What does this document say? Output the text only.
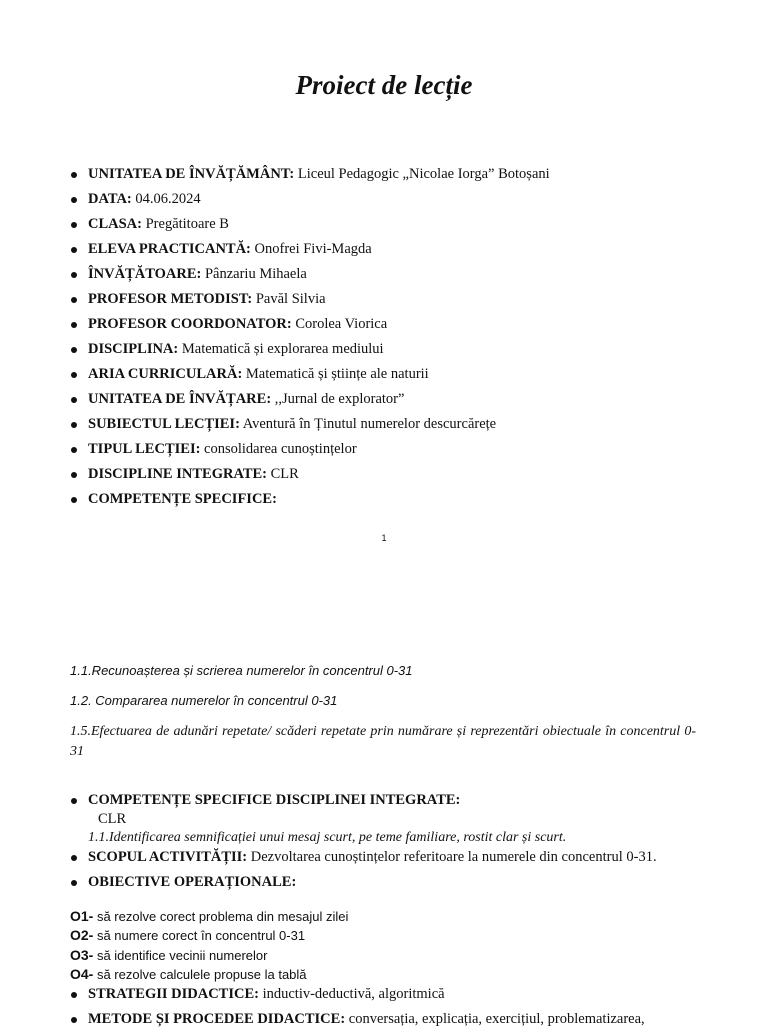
Proiect de lecție
UNITATEA DE ÎNVĂȚĂMÂNT: Liceul Pedagogic „Nicolae Iorga” Botoșani
DATA: 04.06.2024
CLASA: Pregătitoare B
ELEVA PRACTICANTĂ: Onofrei Fivi-Magda
ÎNVĂȚĂTOARE: Pânzariu Mihaela
PROFESOR METODIST: Pavăl Silvia
PROFESOR COORDONATOR: Corolea Viorica
DISCIPLINA: Matematică și explorarea mediului
ARIA CURRICULARĂ: Matematică și științe ale naturii
UNITATEA DE ÎNVĂȚARE: ,,Jurnal de explorator”
SUBIECTUL LECȚIEI: Aventură în Ținutul numerelor descurcărețe
TIPUL LECȚIEI: consolidarea cunoștințelor
DISCIPLINE INTEGRATE: CLR
COMPETENȚE SPECIFICE:
1

1.1.Recunoașterea și scrierea numerelor în concentrul 0-31

1.2. Compararea numerelor în concentrul 0-31

1.5.Efectuarea de adunări repetate/ scăderi repetate prin numărare și reprezentări obiectuale în concentrul 0-31

COMPETENȚE SPECIFICE DISCIPLINEI INTEGRATE:
CLR
1.1.Identificarea semnificației unui mesaj scurt, pe teme familiare, rostit clar și scurt.
SCOPUL ACTIVITĂȚII: Dezvoltarea cunoștințelor referitoare la numerele din concentrul 0-31.
OBIECTIVE OPERAȚIONALE:
O1- să rezolve corect problema din mesajul zilei
O2- să numere corect în concentrul 0-31
O3- să identifice vecinii numerelor
O4- să rezolve calculele propuse la tablă
STRATEGII DIDACTICE: inductiv-deductivă, algoritmică
METODE ȘI PROCEDEE DIDACTICE: conversația, explicația, exercițiul, problematizarea,
